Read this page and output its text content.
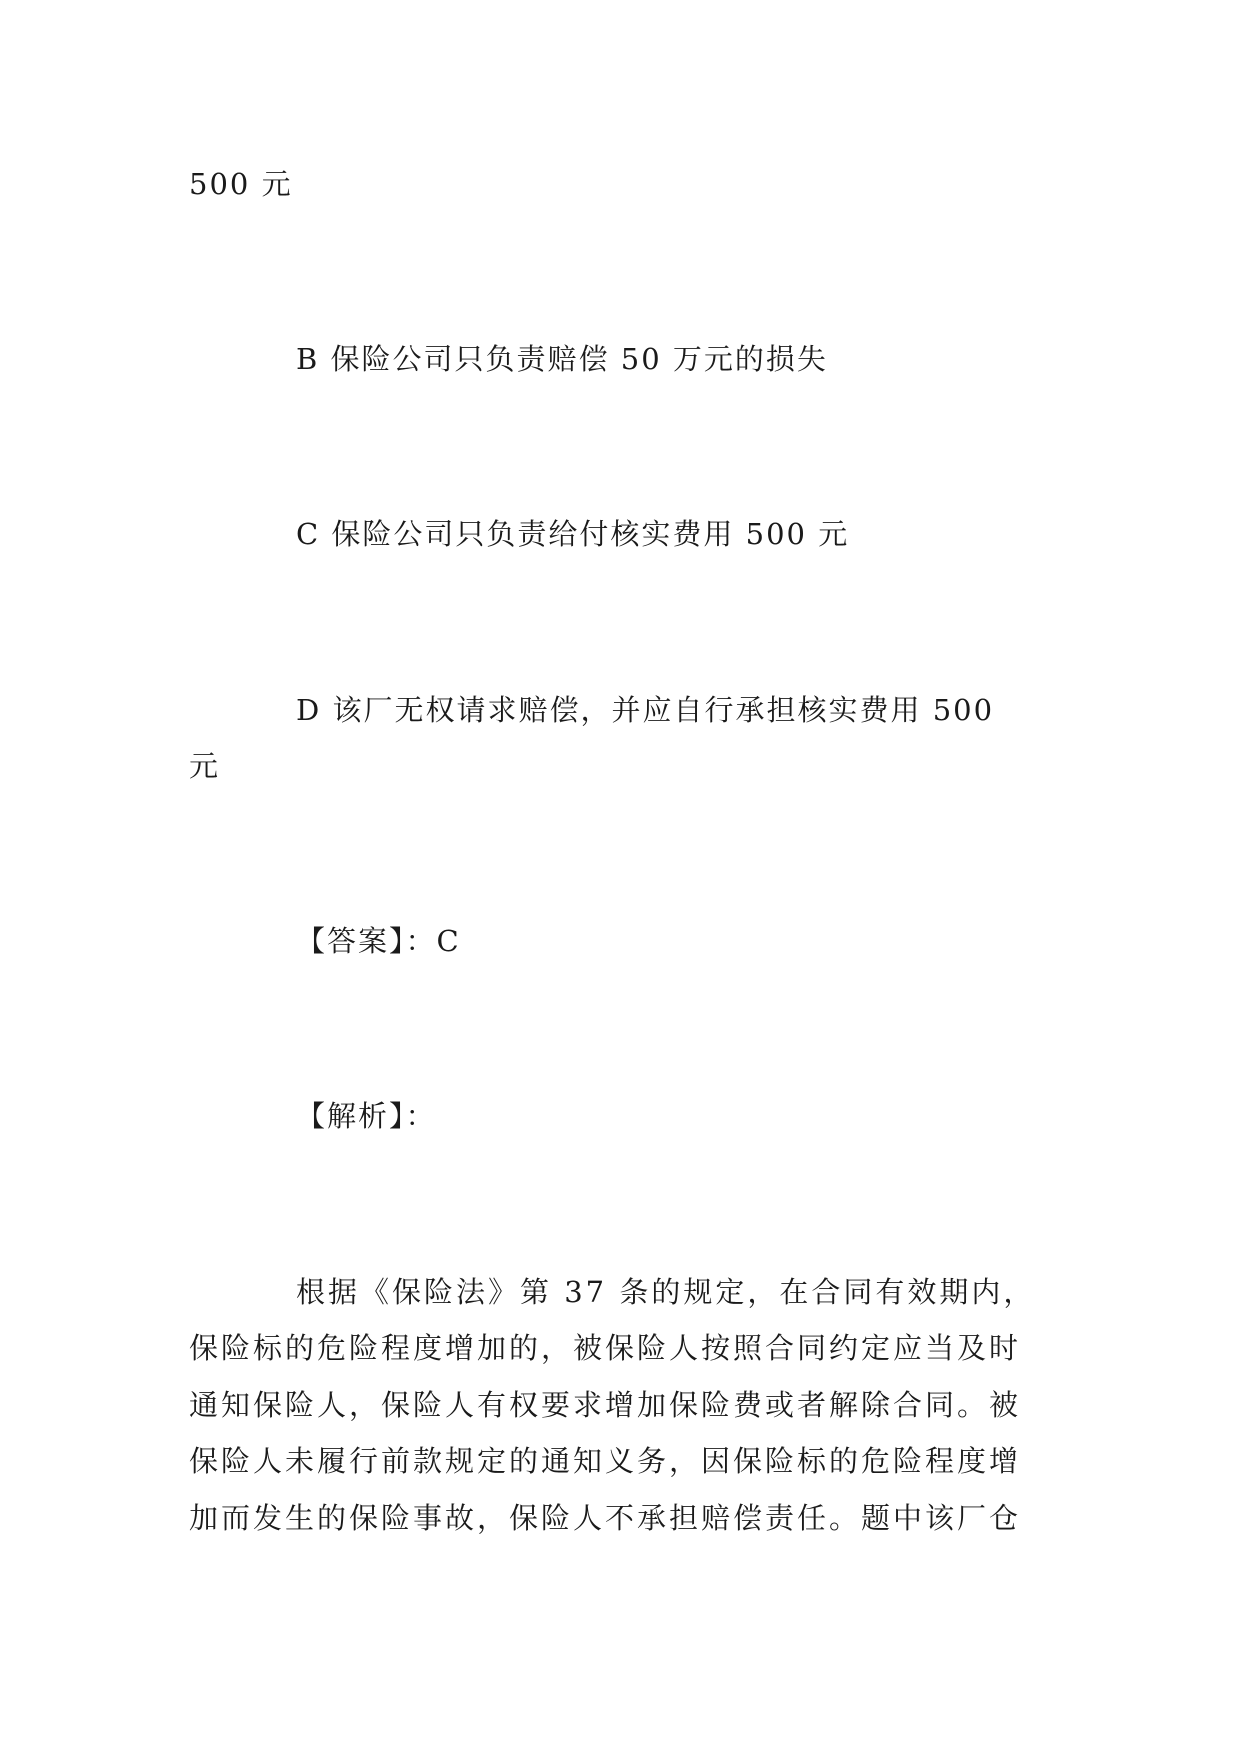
500 元
B 保险公司只负责赔偿 50 万元的损失
C 保险公司只负责给付核实费用 500 元
D 该厂无权请求赔偿，并应自行承担核实费用 500
元
【答案】：C
【解析】：
根据《保险法》第 37 条的规定，在合同有效期内，
保险标的危险程度增加的，被保险人按照合同约定应当及时
通知保险人，保险人有权要求增加保险费或者解除合同。被
保险人未履行前款规定的通知义务，因保险标的危险程度增
加而发生的保险事故，保险人不承担赔偿责任。题中该厂仓
